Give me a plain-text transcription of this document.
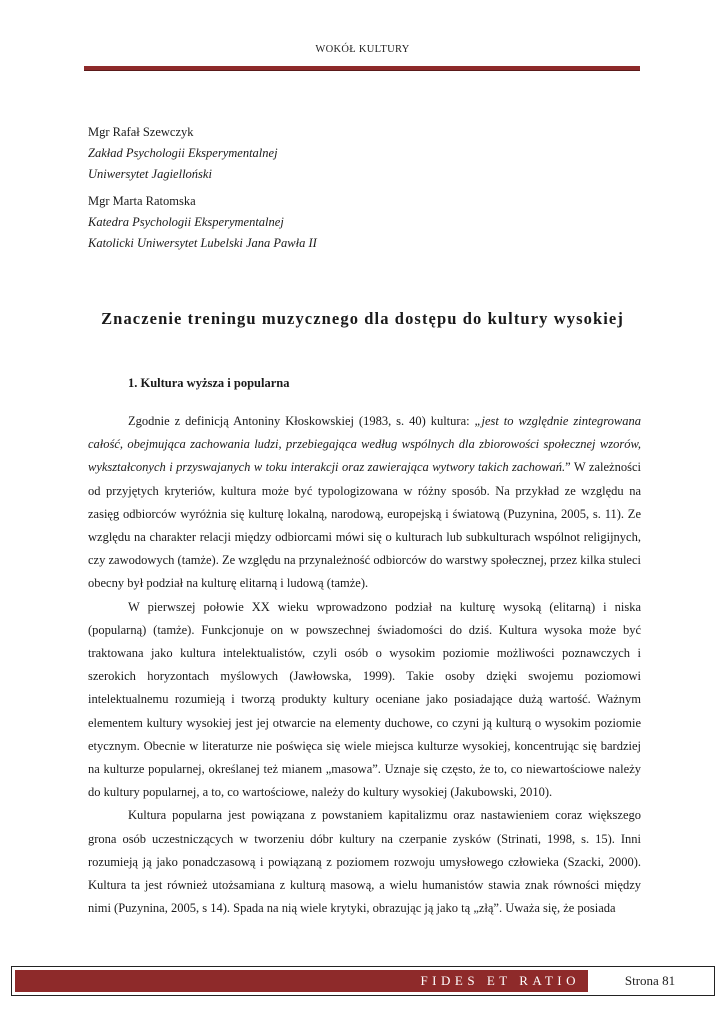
WOKÓŁ KULTURY
Mgr Rafał Szewczyk
Zakład Psychologii Eksperymentalnej
Uniwersytet Jagielloński
Mgr Marta Ratomska
Katedra Psychologii Eksperymentalnej
Katolicki Uniwersytet Lubelski Jana Pawła II
Znaczenie treningu muzycznego dla dostępu do kultury wysokiej
1. Kultura wyższa i popularna

Zgodnie z definicją Antoniny Kłoskowskiej (1983, s. 40) kultura: „jest to względnie zintegrowana całość, obejmująca zachowania ludzi, przebiegająca według wspólnych dla zbiorowości społecznej wzorów, wykształconych i przyswajanych w toku interakcji oraz zawierająca wytwory takich zachowań.” W zależności od przyjętych kryteriów, kultura może być typologizowana w różny sposób. Na przykład ze względu na zasięg odbiorców wyróżnia się kulturę lokalną, narodową, europejską i światową (Puzynina, 2005, s. 11). Ze względu na charakter relacji między odbiorcami mówi się o kulturach lub subkulturach wspólnot religijnych, czy zawodowych (tamże). Ze względu na przynależność odbiorców do warstwy społecznej, przez kilka stuleci obecny był podział na kulturę elitarną i ludową (tamże).

W pierwszej połowie XX wieku wprowadzono podział na kulturę wysoką (elitarną) i niska (popularną) (tamże). Funkcjonuje on w powszechnej świadomości do dziś. Kultura wysoka może być traktowana jako kultura intelektualistów, czyli osób o wysokim poziomie możliwości poznawczych i szerokich horyzontach myślowych (Jawłowska, 1999). Takie osoby dzięki swojemu poziomowi intelektualnemu rozumieją i tworzą produkty kultury oceniane jako posiadające dużą wartość. Ważnym elementem kultury wysokiej jest jej otwarcie na elementy duchowe, co czyni ją kulturą o wysokim poziomie etycznym. Obecnie w literaturze nie poświęca się wiele miejsca kulturze wysokiej, koncentrując się bardziej na kulturze popularnej, określanej też mianem „masowa”. Uznaje się często, że to, co niewartościowe należy do kultury popularnej, a to, co wartościowe, należy do kultury wysokiej (Jakubowski, 2010).

Kultura popularna jest powiązana z powstaniem kapitalizmu oraz nastawieniem coraz większego grona osób uczestniczących w tworzeniu dóbr kultury na czerpanie zysków (Strinati, 1998, s. 15). Inni rozumieją ją jako ponadczasową i powiązaną z poziomem rozwoju umysłowego człowieka (Szacki, 2000). Kultura ta jest również utożsamiana z kulturą masową, a wielu humanistów stawia znak równości między nimi (Puzynina, 2005, s 14). Spada na nią wiele krytyki, obrazując ją jako tą „złą”. Uważa się, że posiada

FIDES ET RATIO	Strona 81
